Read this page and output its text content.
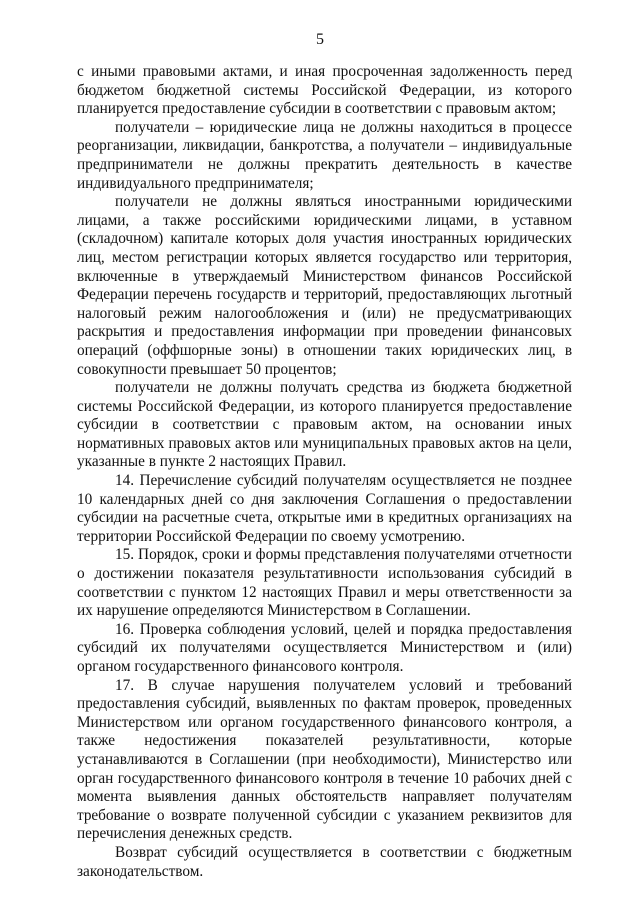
5

с иными правовыми актами, и иная просроченная задолженность перед бюджетом бюджетной системы Российской Федерации, из которого планируется предоставление субсидии в соответствии с правовым актом;

получатели – юридические лица не должны находиться в процессе реорганизации, ликвидации, банкротства, а получатели – индивидуальные предприниматели не должны прекратить деятельность в качестве индивидуального предпринимателя;

получатели не должны являться иностранными юридическими лицами, а также российскими юридическими лицами, в уставном (складочном) капитале которых доля участия иностранных юридических лиц, местом регистрации которых является государство или территория, включенные в утверждаемый Министерством финансов Российской Федерации перечень государств и территорий, предоставляющих льготный налоговый режим налогообложения и (или) не предусматривающих раскрытия и предоставления информации при проведении финансовых операций (оффшорные зоны) в отношении таких юридических лиц, в совокупности превышает 50 процентов;

получатели не должны получать средства из бюджета бюджетной системы Российской Федерации, из которого планируется предоставление субсидии в соответствии с правовым актом, на основании иных нормативных правовых актов или муниципальных правовых актов на цели, указанные в пункте 2 настоящих Правил.

14. Перечисление субсидий получателям осуществляется не позднее 10 календарных дней со дня заключения Соглашения о предоставлении субсидии на расчетные счета, открытые ими в кредитных организациях на территории Российской Федерации по своему усмотрению.

15. Порядок, сроки и формы представления получателями отчетности о достижении показателя результативности использования субсидий в соответствии с пунктом 12 настоящих Правил и меры ответственности за их нарушение определяются Министерством в Соглашении.

16. Проверка соблюдения условий, целей и порядка предоставления субсидий их получателями осуществляется Министерством и (или) органом государственного финансового контроля.

17. В случае нарушения получателем условий и требований предоставления субсидий, выявленных по фактам проверок, проведенных Министерством или органом государственного финансового контроля, а также недостижения показателей результативности, которые устанавливаются в Соглашении (при необходимости), Министерство или орган государственного финансового контроля в течение 10 рабочих дней с момента выявления данных обстоятельств направляет получателям требование о возврате полученной субсидии с указанием реквизитов для перечисления денежных средств.

Возврат субсидий осуществляется в соответствии с бюджетным законодательством.
